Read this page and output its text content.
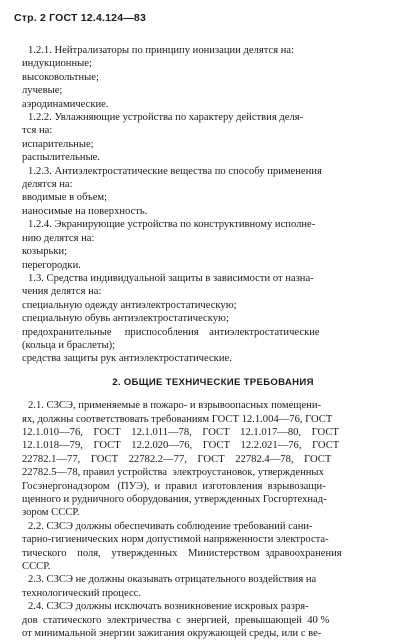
Стр. 2 ГОСТ 12.4.124—83
1.2.1. Нейтрализаторы по принципу ионизации делятся на:
индукционные;
высоковольтные;
лучевые;
аэродинамические.
1.2.2. Увлажняющие устройства по характеру действия деля-
тся на:
испарительные;
распылительные.
1.2.3. Антиэлектростатические вещества по способу применения
делятся на:
вводимые в объем;
наносимые на поверхность.
1.2.4. Экранирующие устройства по конструктивному исполне-
нию делятся на:
козырьки;
перегородки.
1.3. Средства индивидуальной защиты в зависимости от назна-
чения делятся на:
специальную одежду антиэлектростатическую;
специальную обувь антиэлектростатическую;
предохранительные     приспособления    антиэлектростатические
(кольца и браслеты);
средства защиты рук антиэлектростатические.
2. ОБЩИЕ ТЕХНИЧЕСКИЕ ТРЕБОВАНИЯ
2.1. СЗСЭ, применяемые в пожаро- и взрывоопасных помещени-
ях, должны соответствовать требованиям ГОСТ 12.1.004—76, ГОСТ
12.1.010—76,    ГОСТ    12.1.011—78,    ГОСТ    12.1.017—80,    ГОСТ
12.1.018—79,    ГОСТ    12.2.020—76,    ГОСТ    12.2.021—76,    ГОСТ
22782.1—77,    ГОСТ    22782.2—77,    ГОСТ    22782.4—78,    ГОСТ
22782.5—78, правил устройства  электроустановок, утвержденных
Госэнергонадзором   (ПУЭ),  и  правил  изготовления  взрывозащи-
щенного и рудничного оборудования, утвержденных Госгортехнад-
зором СССР.
2.2. СЗСЭ должны обеспечивать соблюдение требований сани-
тарно-гигиенических норм допустимой напряженности электроста-
тического    поля,    утвержденных    Министерством  здравоохранения
СССР.
2.3. СЗСЭ не должны оказывать отрицательного воздействия на
технологический процесс.
2.4. СЗСЭ должны исключать возникновение искровых разря-
дов  статического  электричества  с  энергией,  превышающей  40 %
от минимальной энергии зажигания окружающей среды, или с ве-
